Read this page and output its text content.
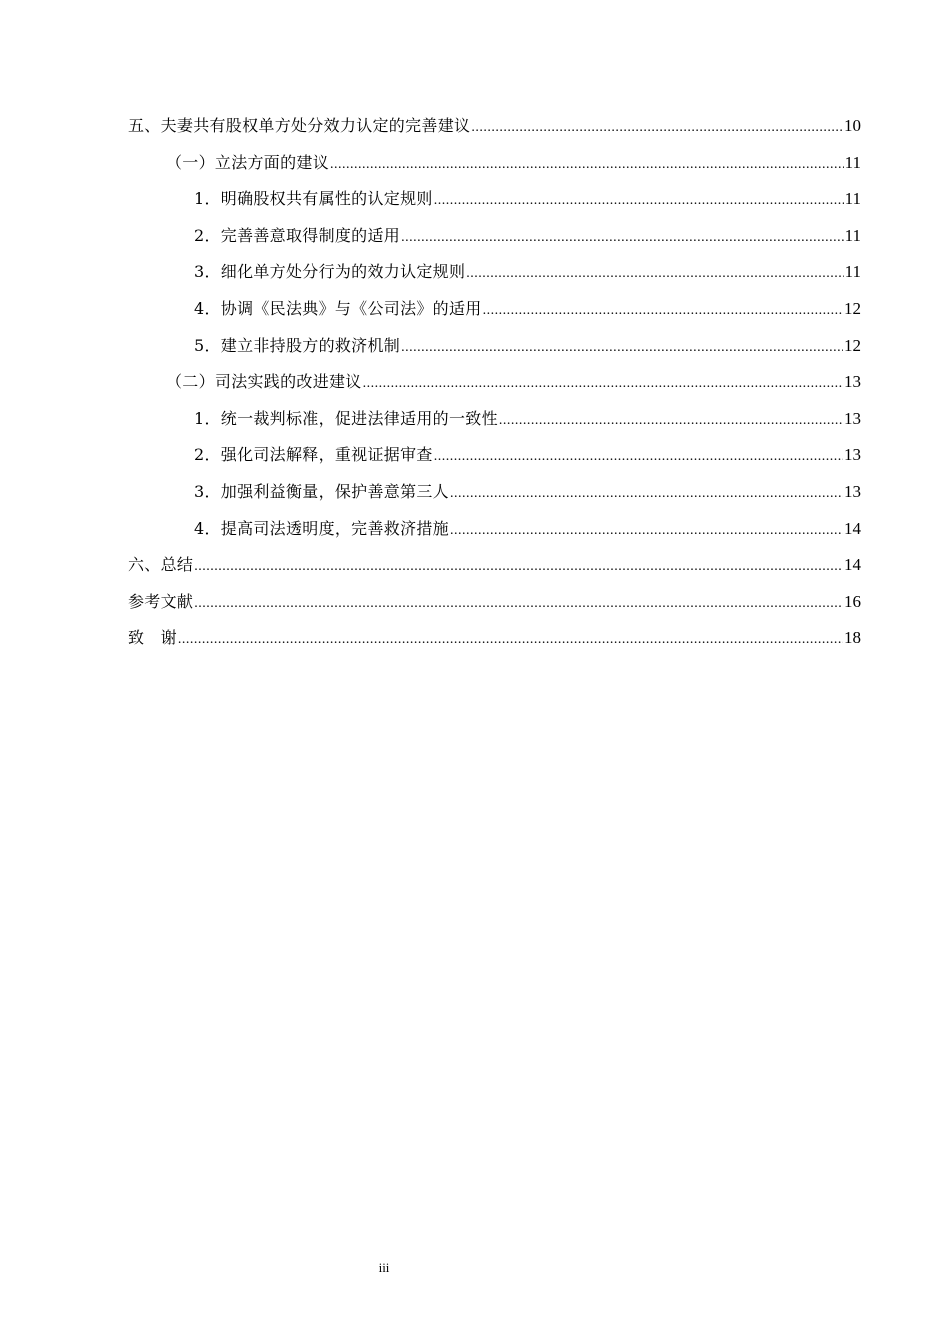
五、夫妻共有股权单方处分效力认定的完善建议 .....	10
（一）立法方面的建议 .....	11
1．明确股权共有属性的认定规则 .....	11
2．完善善意取得制度的适用 .....	11
3．细化单方处分行为的效力认定规则 .....	11
4．协调《民法典》与《公司法》的适用 .....	12
5．建立非持股方的救济机制 .....	12
（二）司法实践的改进建议 .....	13
1．统一裁判标准，促进法律适用的一致性 .....	13
2．强化司法解释，重视证据审查 .....	13
3．加强利益衡量，保护善意第三人 .....	13
4．提高司法透明度，完善救济措施 .....	14
六、总结 .....	14
参考文献 .....	16
致　谢 .....	18
iii
